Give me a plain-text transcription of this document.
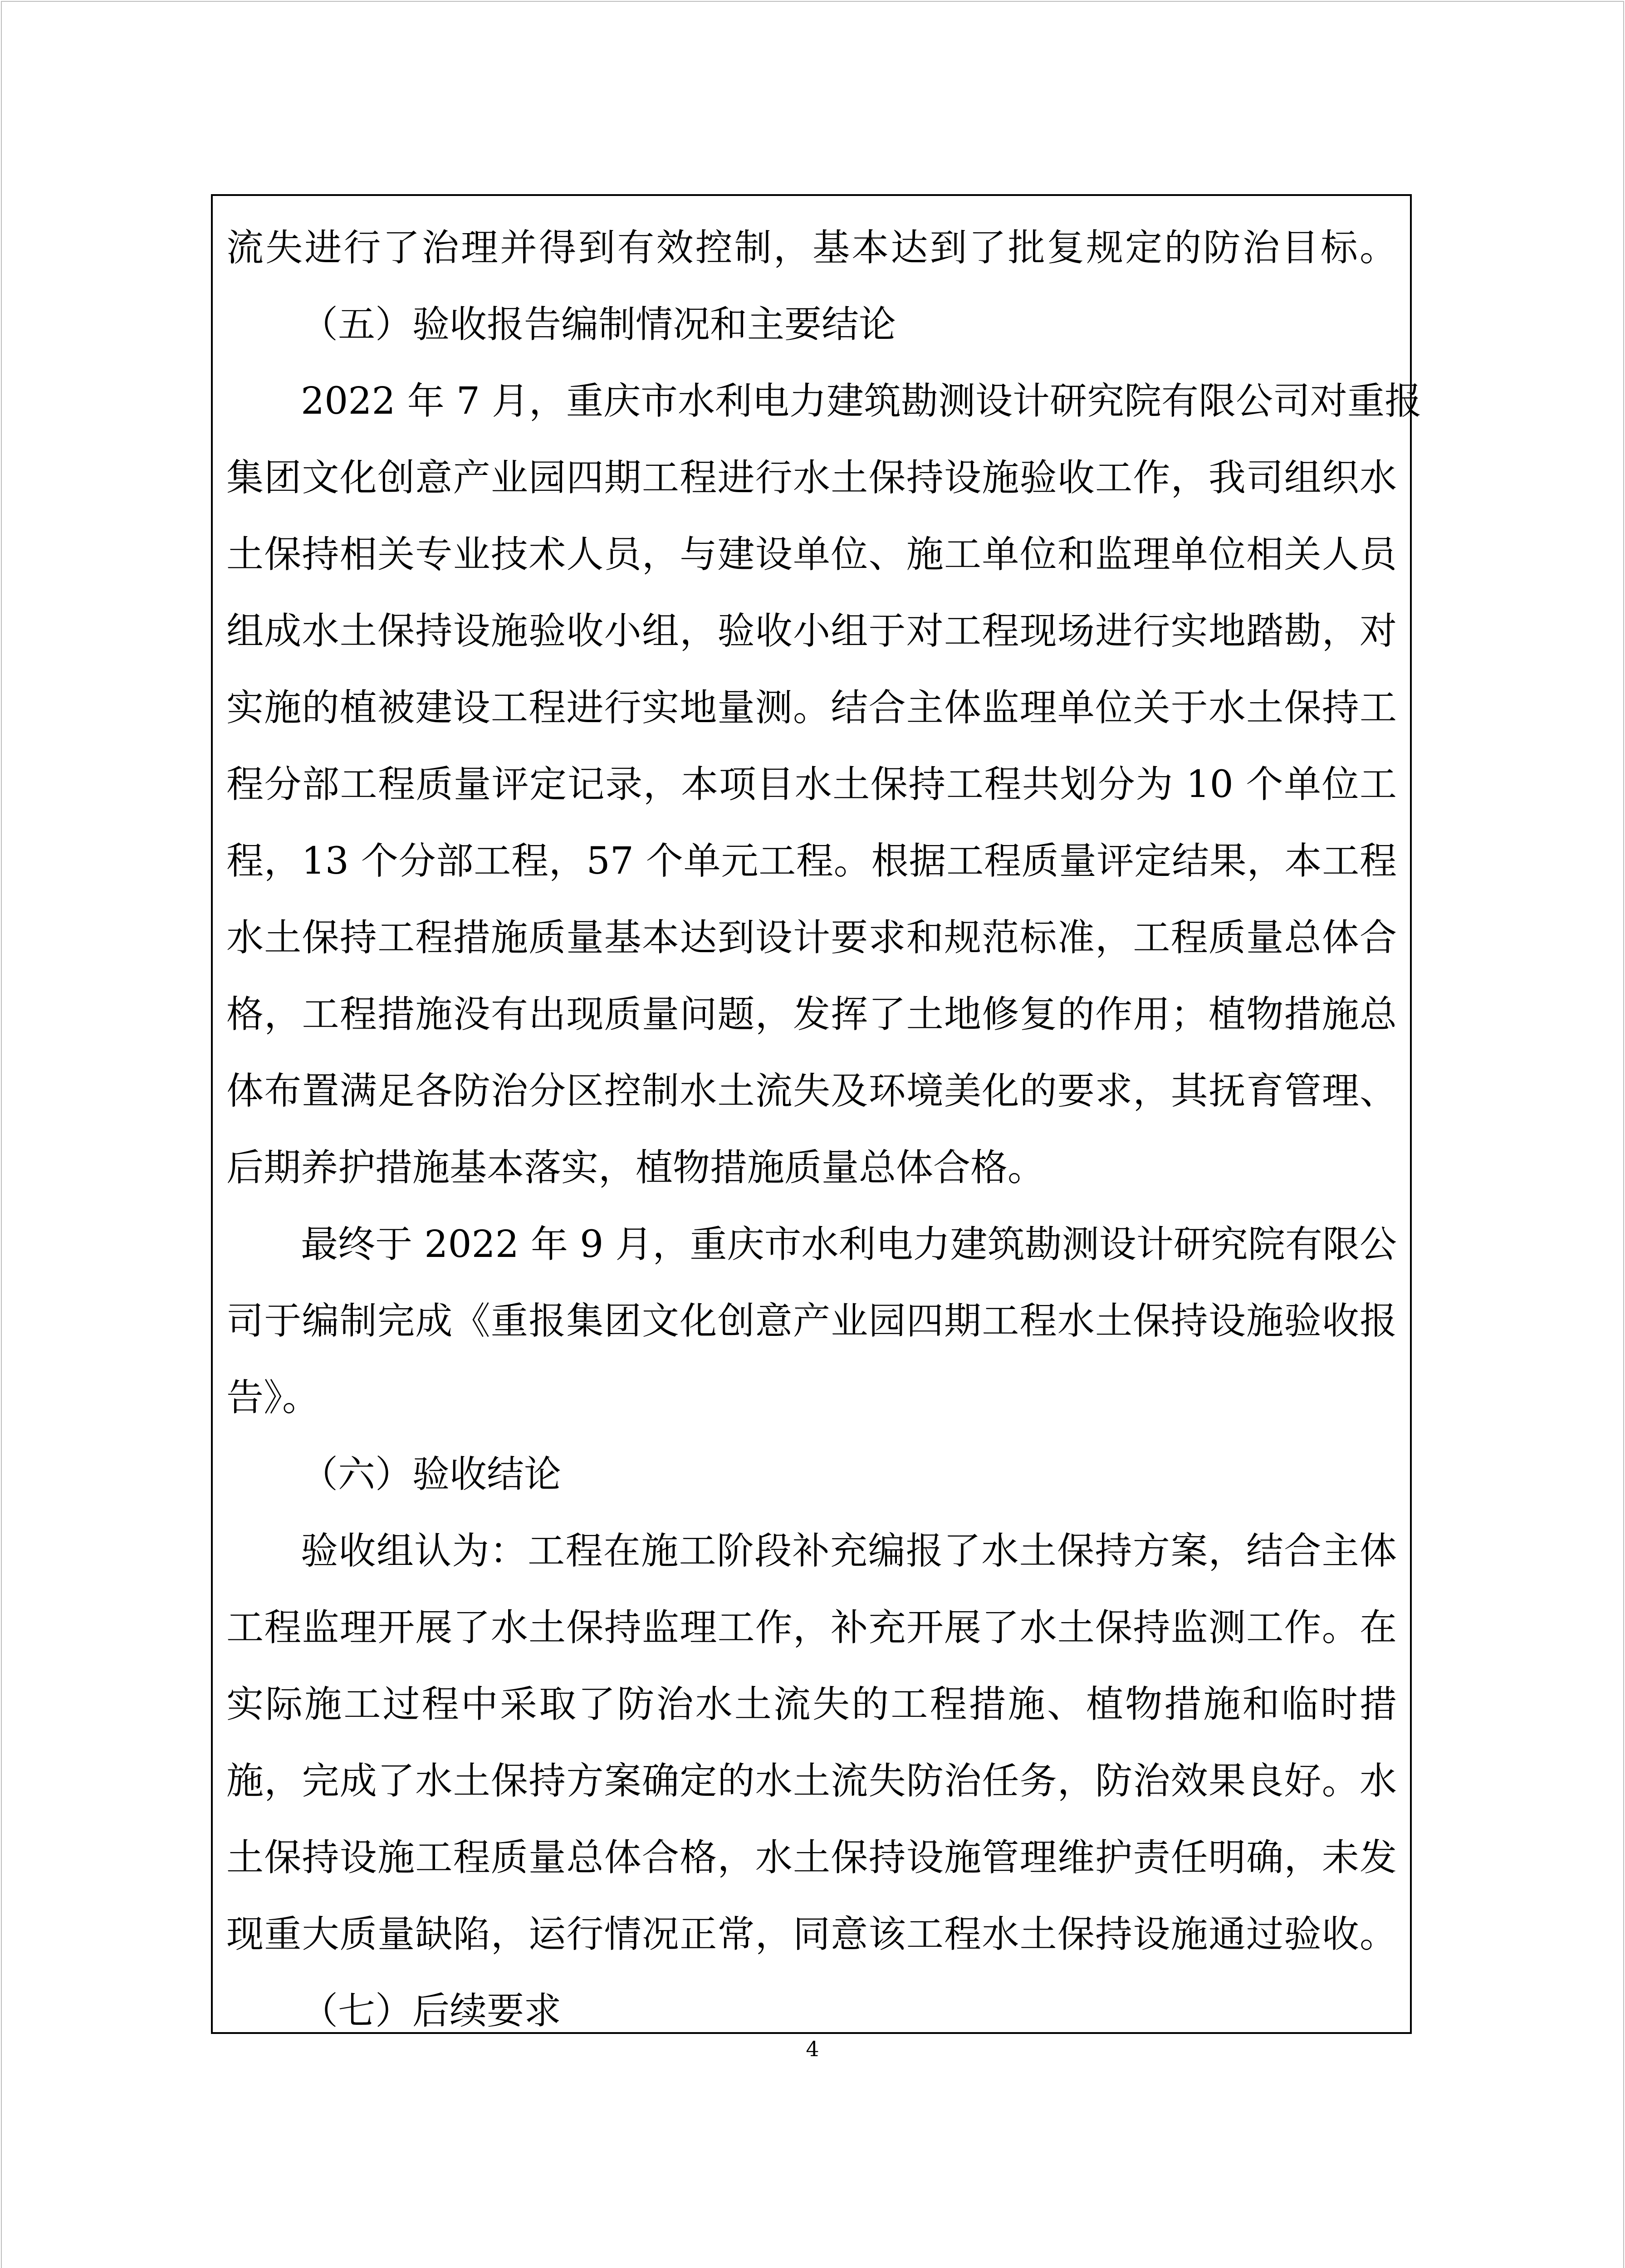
流失进行了治理并得到有效控制，基本达到了批复规定的防治目标。
（五）验收报告编制情况和主要结论
2022 年 7 月，重庆市水利电力建筑勘测设计研究院有限公司对重报
集团文化创意产业园四期工程进行水土保持设施验收工作，我司组织水
土保持相关专业技术人员，与建设单位、施工单位和监理单位相关人员
组成水土保持设施验收小组，验收小组于对工程现场进行实地踏勘，对
实施的植被建设工程进行实地量测。结合主体监理单位关于水土保持工
程分部工程质量评定记录，本项目水土保持工程共划分为 10 个单位工
程，13 个分部工程，57 个单元工程。根据工程质量评定结果，本工程
水土保持工程措施质量基本达到设计要求和规范标准，工程质量总体合
格，工程措施没有出现质量问题，发挥了土地修复的作用；植物措施总
体布置满足各防治分区控制水土流失及环境美化的要求，其抚育管理、
后期养护措施基本落实，植物措施质量总体合格。
最终于 2022 年 9 月，重庆市水利电力建筑勘测设计研究院有限公
司于编制完成《重报集团文化创意产业园四期工程水土保持设施验收报
告》。
（六）验收结论
验收组认为：工程在施工阶段补充编报了水土保持方案，结合主体
工程监理开展了水土保持监理工作，补充开展了水土保持监测工作。在
实际施工过程中采取了防治水土流失的工程措施、植物措施和临时措
施，完成了水土保持方案确定的水土流失防治任务，防治效果良好。水
土保持设施工程质量总体合格，水土保持设施管理维护责任明确，未发
现重大质量缺陷，运行情况正常，同意该工程水土保持设施通过验收。
（七）后续要求
4
